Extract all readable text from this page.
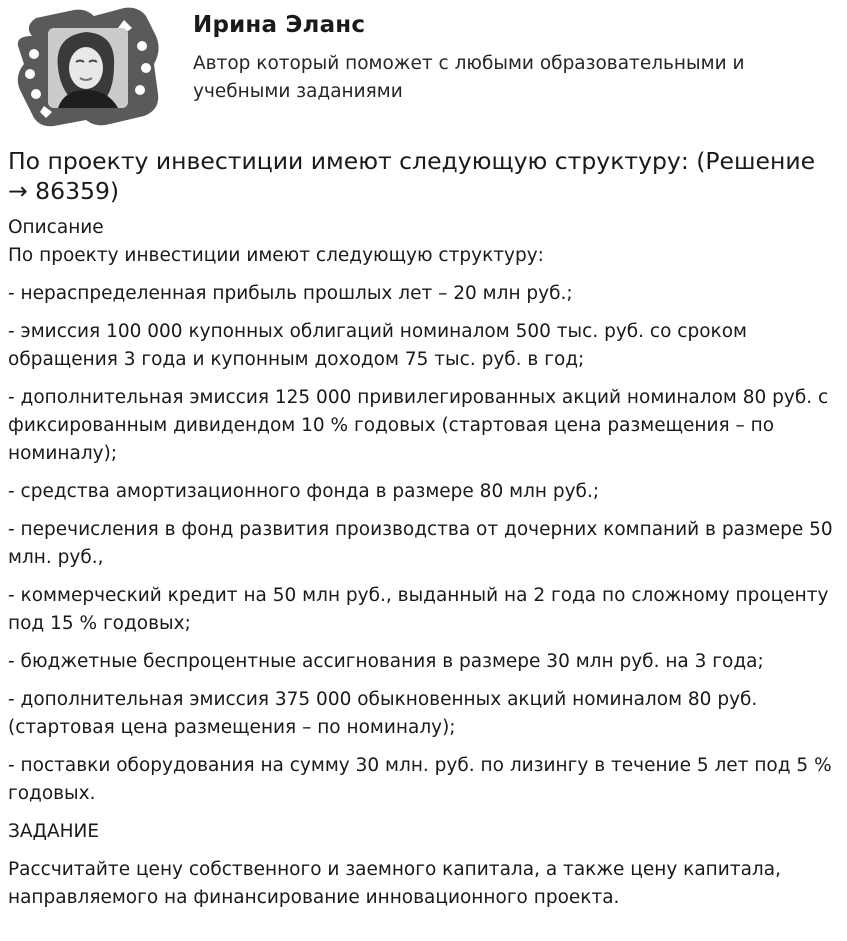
Ирина Эланс
Автор который поможет с любыми образовательными и учебными заданиями
По проекту инвестиции имеют следующую структуру: (Решение → 86359)
Описание
По проекту инвестиции имеют следующую структуру:
- нераспределенная прибыль прошлых лет – 20 млн руб.;
- эмиссия 100 000 купонных облигаций номиналом 500 тыс. руб. со сроком обращения 3 года и купонным доходом 75 тыс. руб. в год;
- дополнительная эмиссия 125 000 привилегированных акций номиналом 80 руб. с фиксированным дивидендом 10 % годовых (стартовая цена размещения – по номиналу);
- средства амортизационного фонда в размере 80 млн руб.;
- перечисления в фонд развития производства от дочерних компаний в размере 50 млн. руб.,
- коммерческий кредит на 50 млн руб., выданный на 2 года по сложному проценту под 15 % годовых;
- бюджетные беспроцентные ассигнования в размере 30 млн руб. на 3 года;
- дополнительная эмиссия 375 000 обыкновенных акций номиналом 80 руб. (стартовая цена размещения – по номиналу);
- поставки оборудования на сумму 30 млн. руб. по лизингу в течение 5 лет под 5 % годовых.
ЗАДАНИЕ
Рассчитайте цену собственного и заемного капитала, а также цену капитала, направляемого на финансирование инновационного проекта.
